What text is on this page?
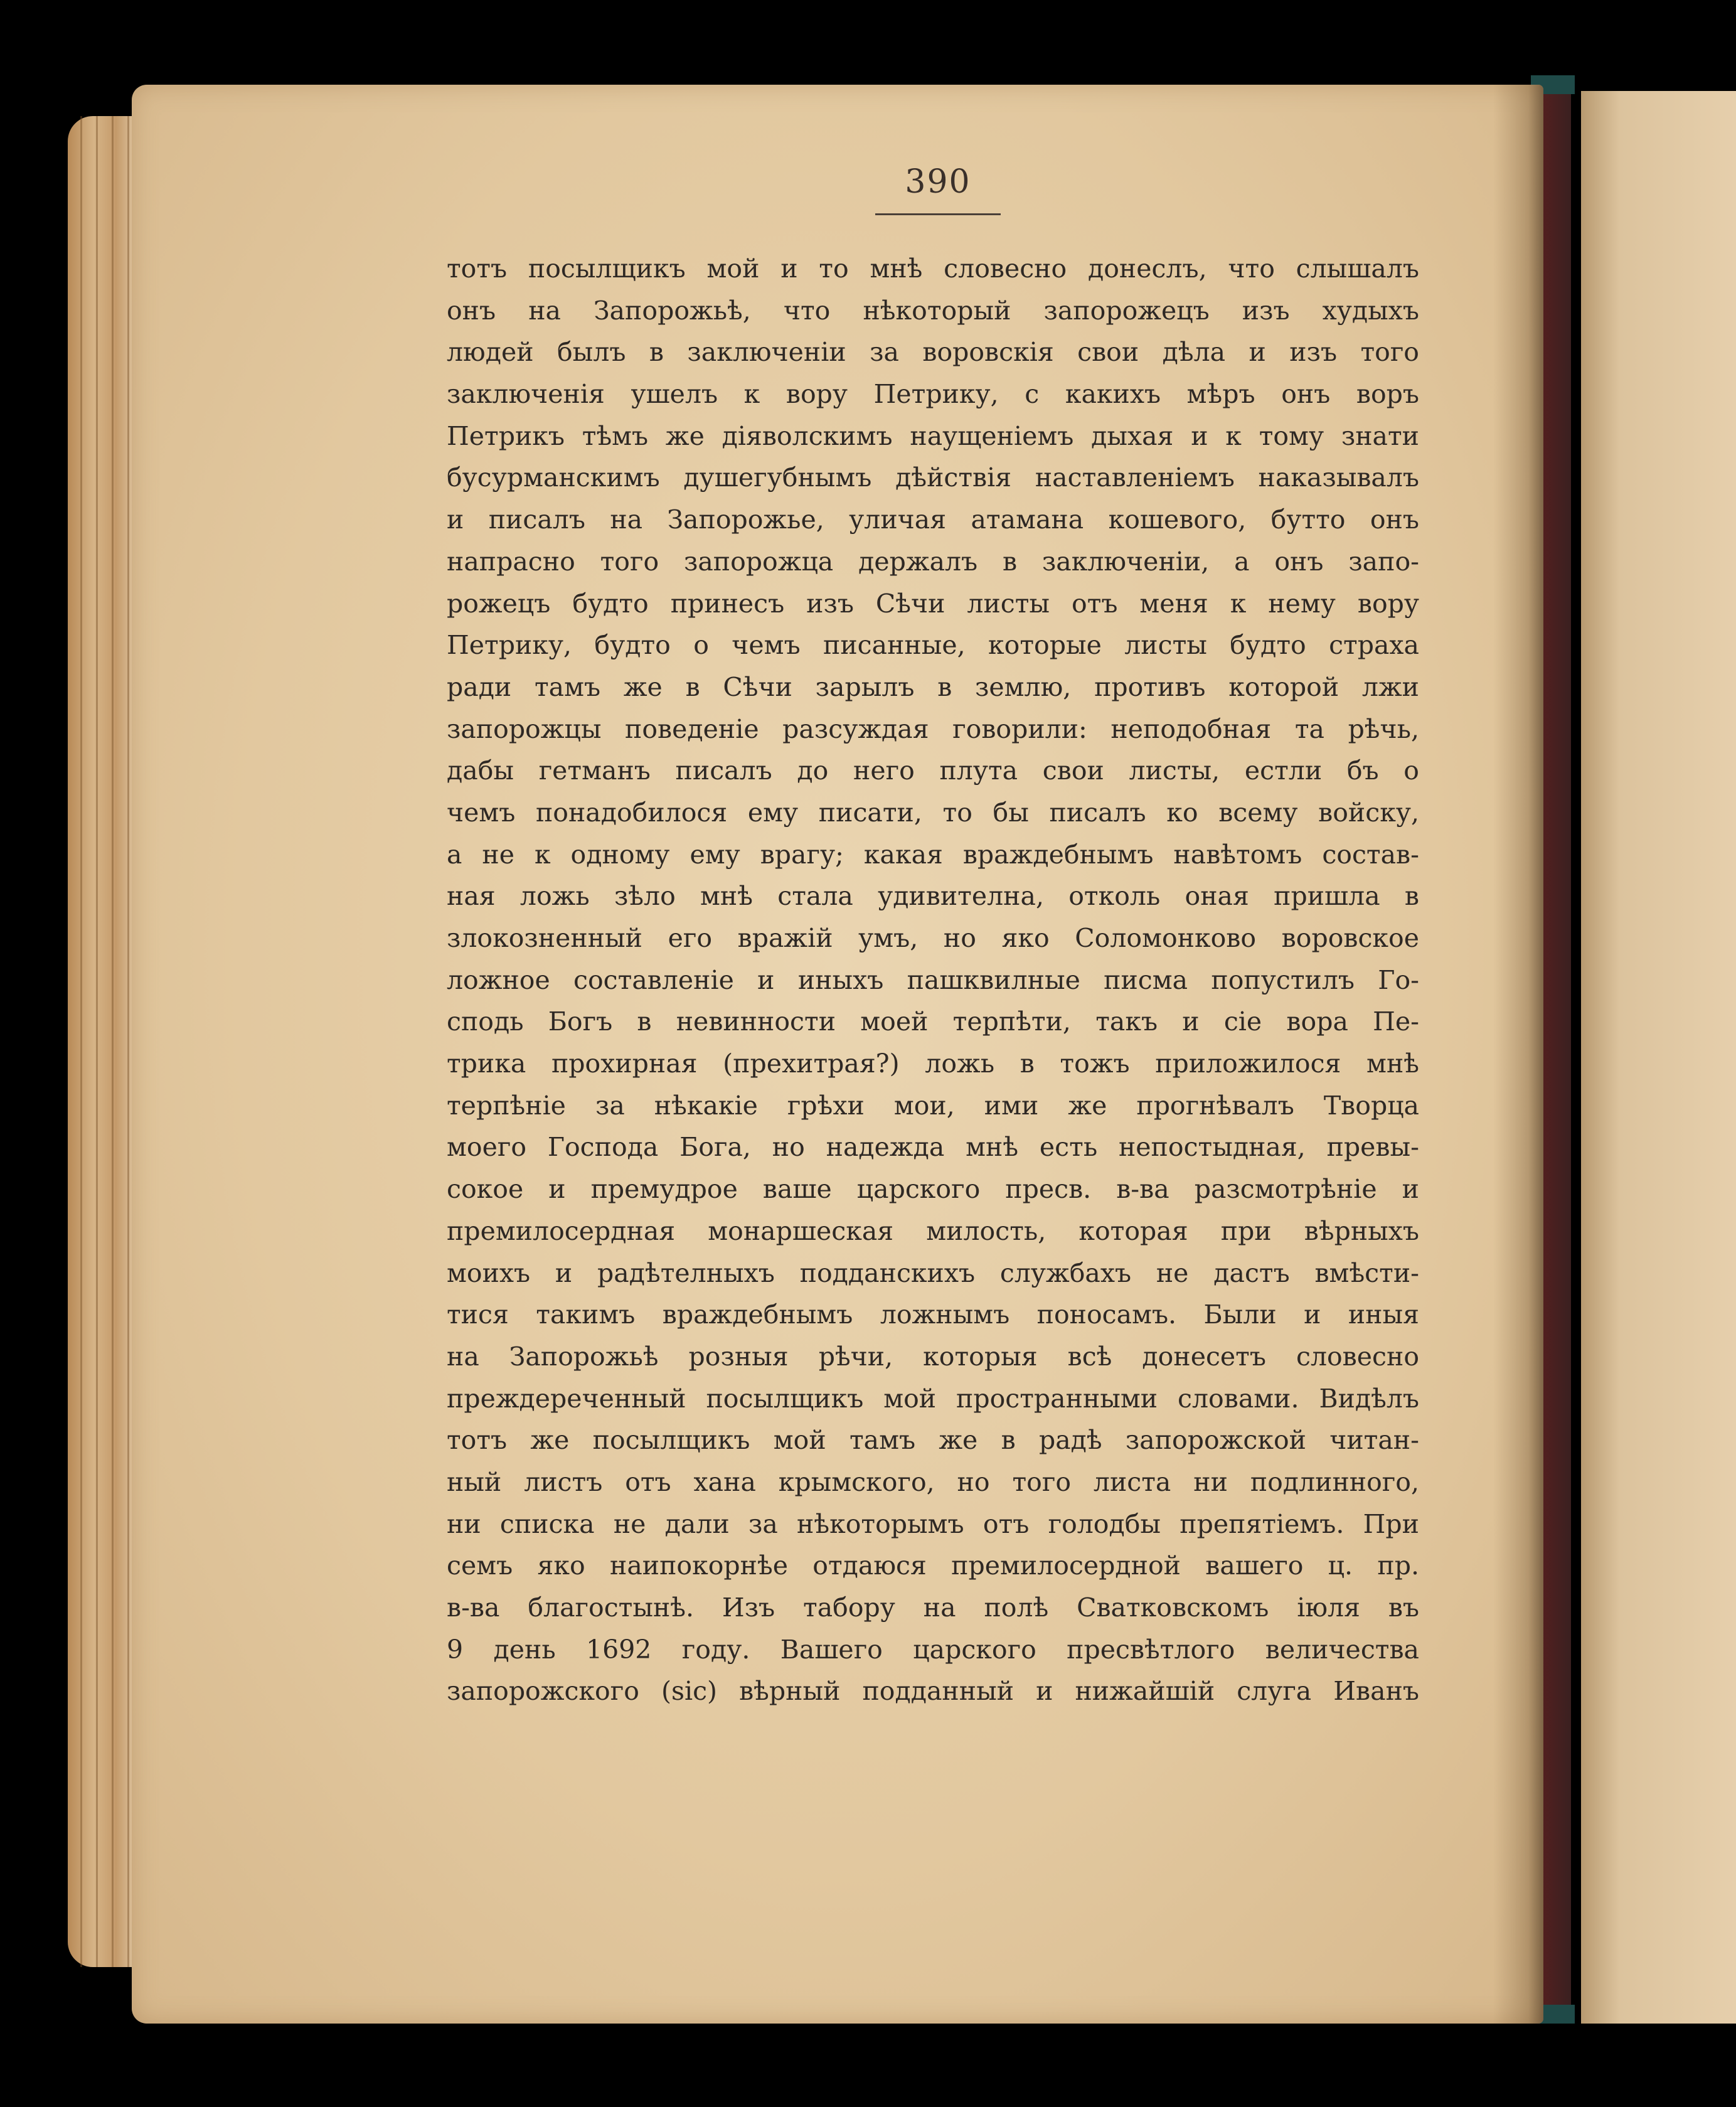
390
тотъ посылщикъ мой и то мнѣ словесно донеслъ, что слышалъ
онъ на Запорожьѣ, что нѣкоторый запорожецъ изъ худыхъ
людей былъ в заключеніи за воровскія свои дѣла и изъ того
заключенія ушелъ к вору Петрику, с какихъ мѣръ онъ воръ
Петрикъ тѣмъ же діяволскимъ наущеніемъ дыхая и к тому знати
бусурманскимъ душегубнымъ дѣйствія наставленіемъ наказывалъ
и писалъ на Запорожье, уличая атамана кошевого, бутто онъ
напрасно того запорожца держалъ в заключеніи, а онъ запо-
рожецъ будто принесъ изъ Сѣчи листы отъ меня к нему вору
Петрику, будто о чемъ писанные, которые листы будто страха
ради тамъ же в Сѣчи зарылъ в землю, противъ которой лжи
запорожцы поведеніе разсуждая говорили: неподобная та рѣчь,
дабы гетманъ писалъ до него плута свои листы, естли бъ о
чемъ понадобилося ему писати, то бы писалъ ко всему войску,
а не к одному ему врагу; какая враждебнымъ навѣтомъ состав-
ная ложь зѣло мнѣ стала удивителна, отколь оная пришла в
злокозненный его вражій умъ, но яко Соломонково воровское
ложное составленіе и иныхъ пашквилные писма попустилъ Го-
сподь Богъ в невинности моей терпѣти, такъ и сіе вора Пе-
трика прохирная (прехитрая?) ложь в тожъ приложилося мнѣ
терпѣніе за нѣкакіе грѣхи мои, ими же прогнѣвалъ Творца
моего Господа Бога, но надежда мнѣ есть непостыдная, превы-
сокое и премудрое ваше царского пресв. в-ва разсмотрѣніе и
премилосердная монаршеская милость, которая при вѣрныхъ
моихъ и радѣтелныхъ подданскихъ службахъ не дастъ вмѣсти-
тися такимъ враждебнымъ ложнымъ поносамъ. Были и иныя
на Запорожьѣ розныя рѣчи, которыя всѣ донесетъ словесно
преждереченный посылщикъ мой пространными словами. Видѣлъ
тотъ же посылщикъ мой тамъ же в радѣ запорожской читан-
ный листъ отъ хана крымского, но того листа ни подлинного,
ни списка не дали за нѣкоторымъ отъ голодбы препятіемъ. При
семъ яко наипокорнѣе отдаюся премилосердной вашего ц. пр.
в-ва благостынѣ. Изъ табору на полѣ Сватковскомъ іюля въ
9 день 1692 году. Вашего царского пресвѣтлого величества
запорожского (sic) вѣрный подданный и нижайшій слуга Иванъ
